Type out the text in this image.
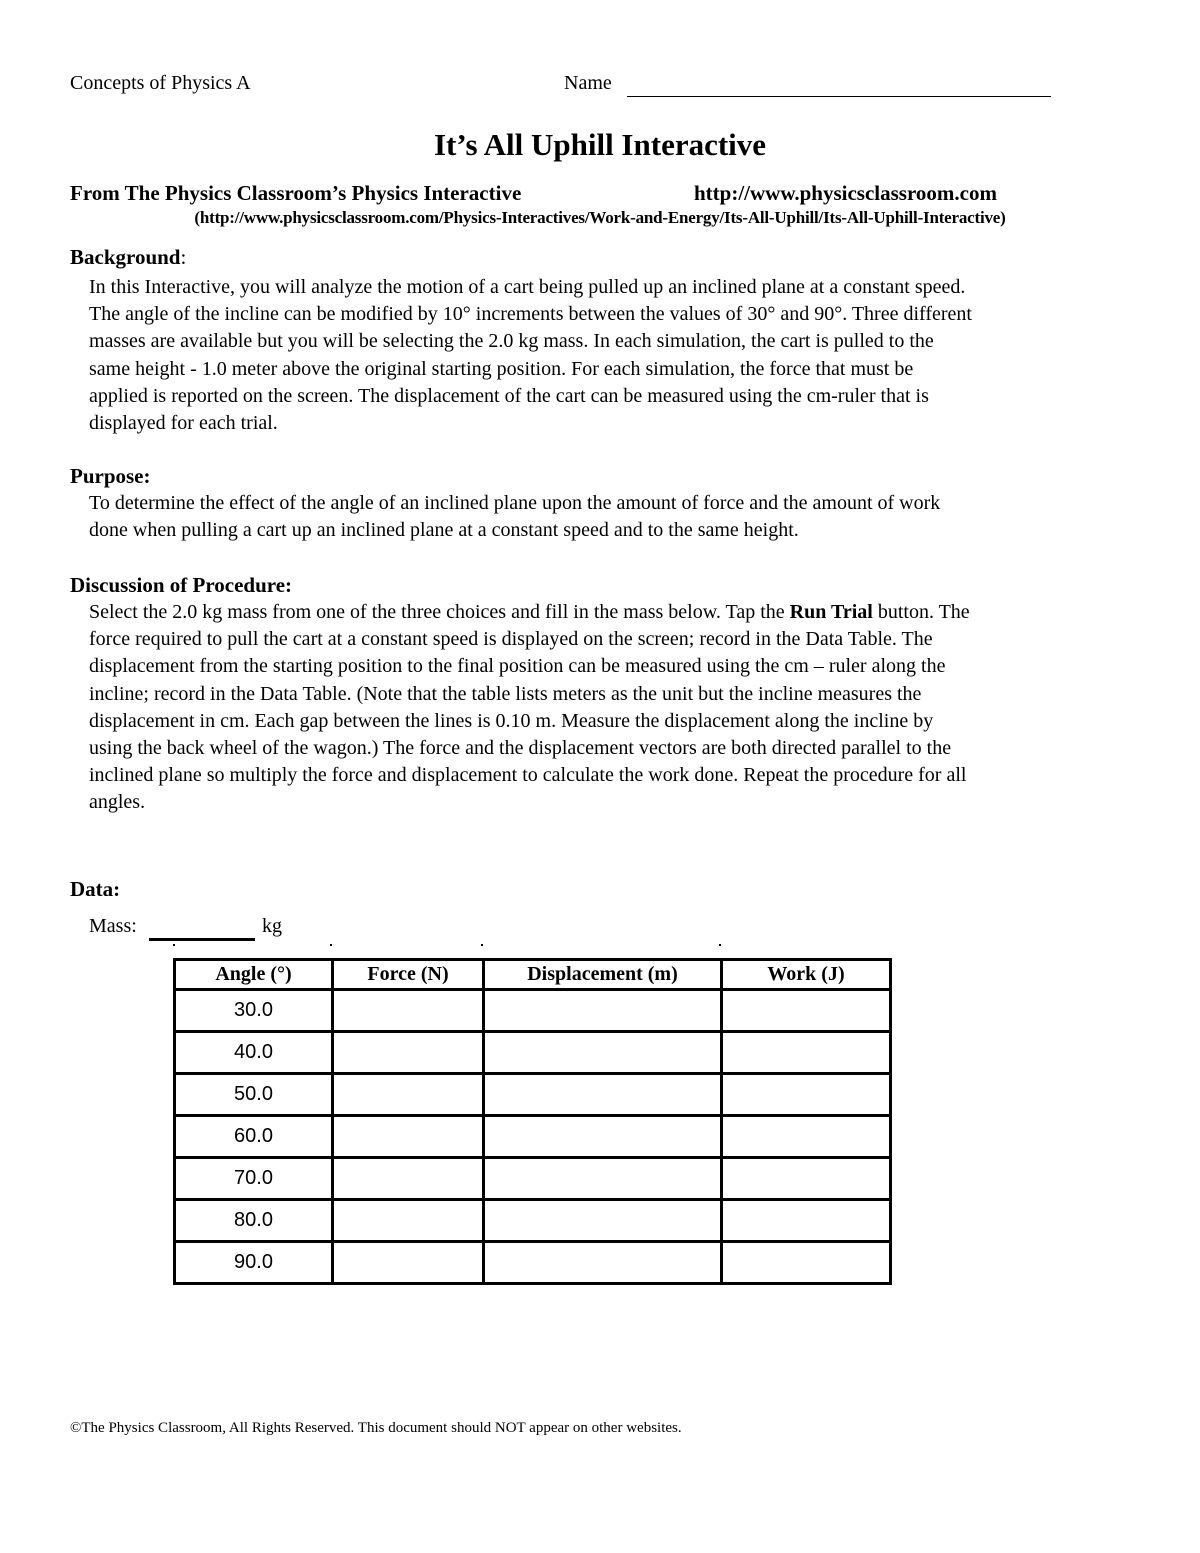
Concepts of Physics A	Name
It’s All Uphill Interactive
From The Physics Classroom’s Physics Interactive	http://www.physicsclassroom.com
(http://www.physicsclassroom.com/Physics-Interactives/Work-and-Energy/Its-All-Uphill/Its-All-Uphill-Interactive)
Background:

In this Interactive, you will analyze the motion of a cart being pulled up an inclined plane at a constant speed.

The angle of the incline can be modified by 10° increments between the values of 30° and 90°. Three different

masses are available but you will be selecting the 2.0 kg mass. In each simulation, the cart is pulled to the

same height - 1.0 meter above the original starting position. For each simulation, the force that must be

applied is reported on the screen. The displacement of the cart can be measured using the cm-ruler that is

displayed for each trial.

Purpose:

To determine the effect of the angle of an inclined plane upon the amount of force and the amount of work

done when pulling a cart up an inclined plane at a constant speed and to the same height.

Discussion of Procedure:

Select the 2.0 kg mass from one of the three choices and fill in the mass below. Tap the Run Trial button. The

force required to pull the cart at a constant speed is displayed on the screen; record in the Data Table. The

displacement from the starting position to the final position can be measured using the cm – ruler along the

incline; record in the Data Table. (Note that the table lists meters as the unit but the incline measures the

displacement in cm. Each gap between the lines is 0.10 m. Measure the displacement along the incline by

using the back wheel of the wagon.) The force and the displacement vectors are both directed parallel to the

inclined plane so multiply the force and displacement to calculate the work done. Repeat the procedure for all

angles.

Data:
Mass:	kg
Angle (°)	Force (N)	Displacement (m)	Work (J)
30.0			
40.0			
50.0			
60.0			
70.0			
80.0			
90.0			
©The Physics Classroom, All Rights Reserved. This document should NOT appear on other websites.
